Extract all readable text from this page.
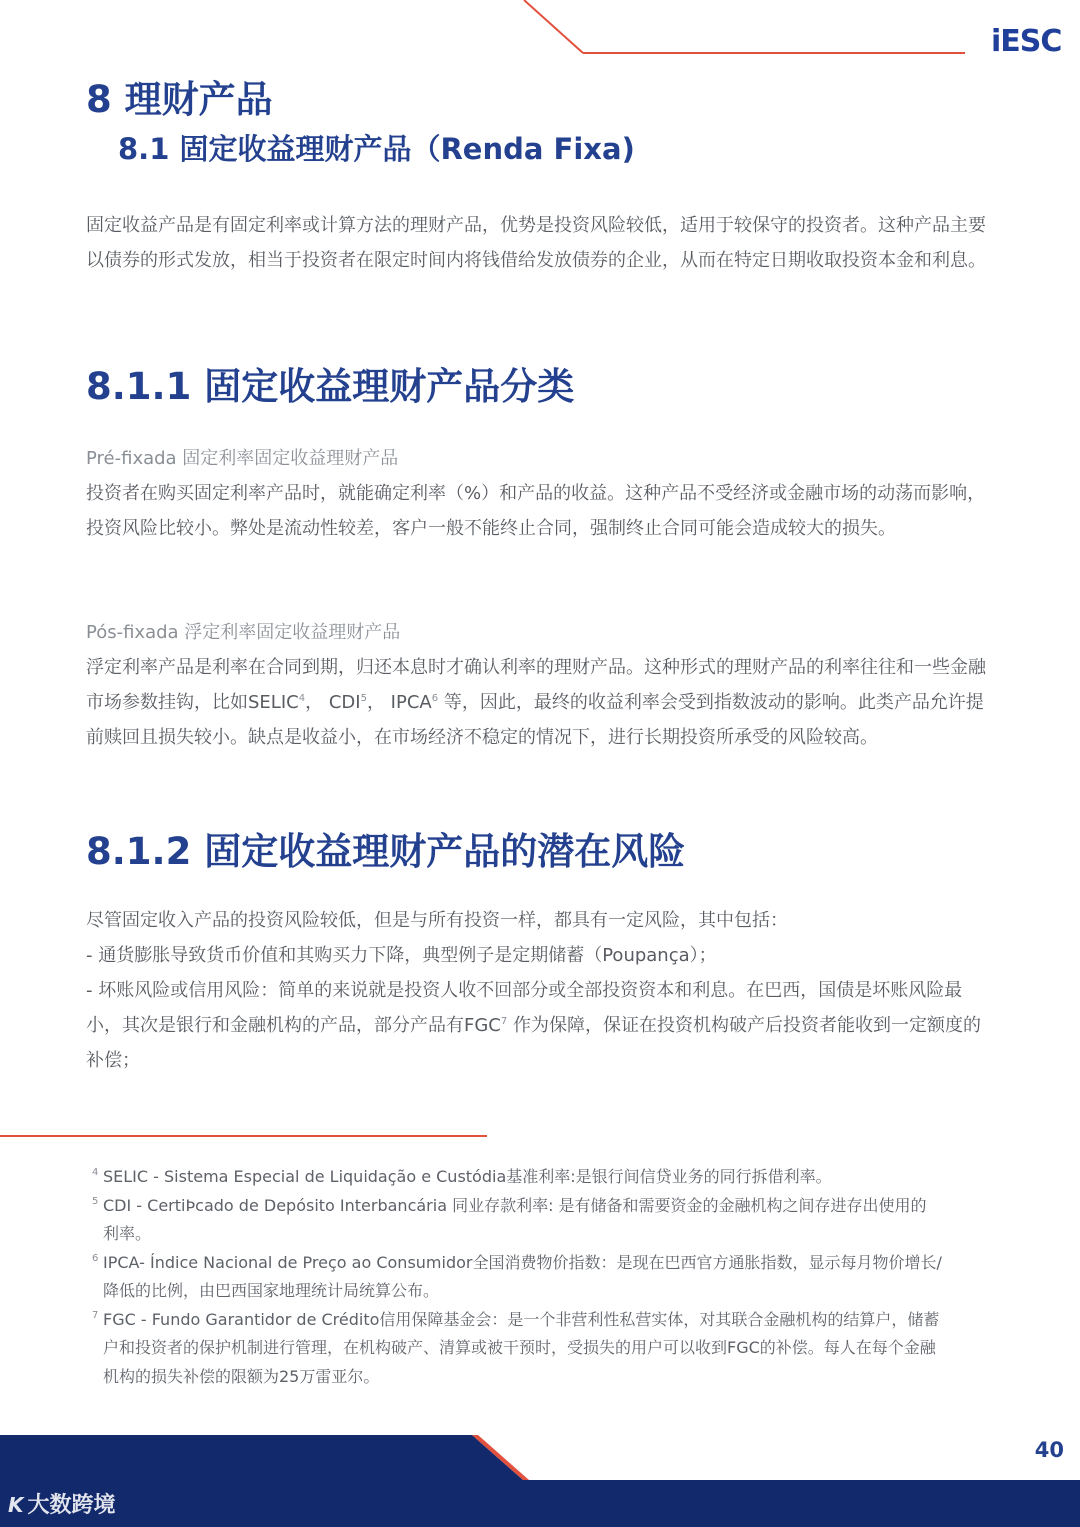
iESC
8 理财产品
8.1 固定收益理财产品（Renda Fixa)

固定收益产品是有固定利率或计算方法的理财产品，优势是投资风险较低，适用于较保守的投资者。这种产品主要以债券的形式发放，相当于投资者在限定时间内将钱借给发放债券的企业，从而在特定日期收取投资本金和利息。

8.1.1 固定收益理财产品分类

Pré-fixada 固定利率固定收益理财产品

投资者在购买固定利率产品时，就能确定利率（%）和产品的收益。这种产品不受经济或金融市场的动荡而影响，投资风险比较小。弊处是流动性较差，客户一般不能终止合同，强制终止合同可能会造成较大的损失。

Pós-fixada 浮定利率固定收益理财产品

浮定利率产品是利率在合同到期，归还本息时才确认利率的理财产品。这种形式的理财产品的利率往往和一些金融市场参数挂钩，比如SELIC$^4$， CDI$^5$， IPCA$^6$ 等，因此，最终的收益利率会受到指数波动的影响。此类产品允许提前赎回且损失较小。缺点是收益小，在市场经济不稳定的情况下，进行长期投资所承受的风险较高。

8.1.2 固定收益理财产品的潜在风险

尽管固定收入产品的投资风险较低，但是与所有投资一样，都具有一定风险，其中包括：

- 通货膨胀导致货币价值和其购买力下降，典型例子是定期储蓄（Poupança）；

- 坏账风险或信用风险：简单的来说就是投资人收不回部分或全部投资资本和利息。在巴西，国债是坏账风险最小，其次是银行和金融机构的产品，部分产品有FGC$^7$ 作为保障，保证在投资机构破产后投资者能收到一定额度的补偿；

4 SELIC - Sistema Especial de Liquidação e Custódia基准利率:是银行间信贷业务的同行拆借利率。

5 CDI - CertiÞcado de Depósito Interbancária 同业存款利率: 是有储备和需要资金的金融机构之间存进存出使用的利率。

6 IPCA- Índice Nacional de Preço ao Consumidor全国消费物价指数：是现在巴西官方通胀指数，显示每月物价增长/降低的比例，由巴西国家地理统计局统算公布。

7 FGC - Fundo Garantidor de Crédito信用保障基金会：是一个非营利性私营实体，对其联合金融机构的结算户，储蓄户和投资者的保护机制进行管理，在机构破产、清算或被干预时，受损失的用户可以收到FGC的补偿。每人在每个金融机构的损失补偿的限额为25万雷亚尔。

40
K 大数跨境
